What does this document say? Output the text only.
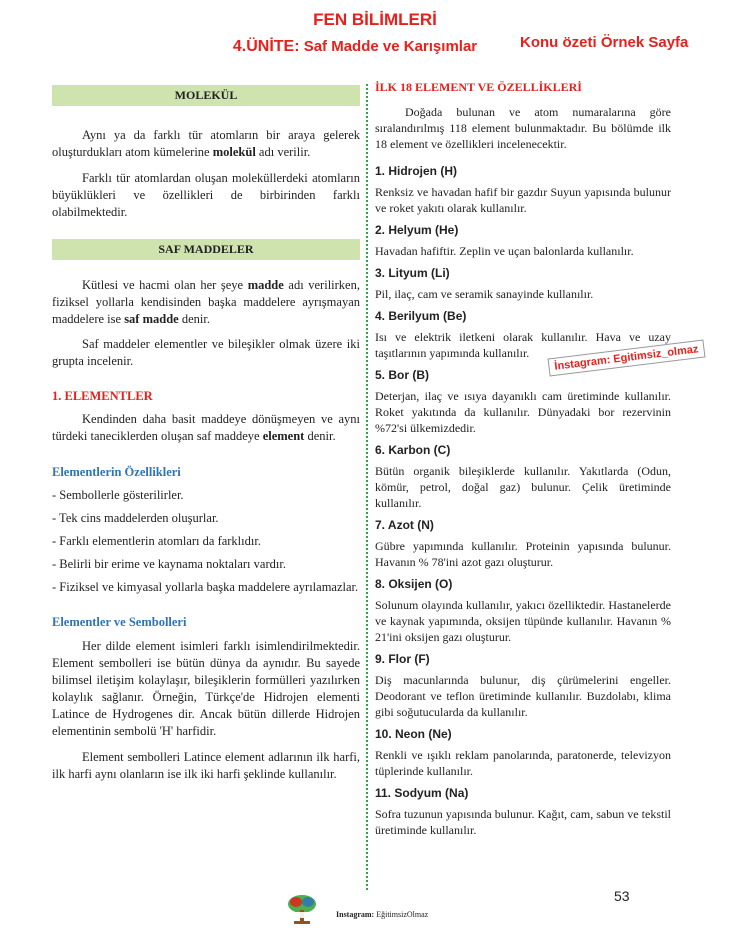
FEN BİLİMLERİ
4.ÜNİTE: Saf Madde ve Karışımlar	Konu özeti Örnek Sayfa
MOLEKÜL

Aynı ya da farklı tür atomların bir araya gelerek oluşturdukları atom kümelerine molekül adı verilir.

Farklı tür atomlardan oluşan moleküllerdeki atomların büyüklükleri ve özellikleri de birbirinden farklı olabilmektedir.

SAF MADDELER

Kütlesi ve hacmi olan her şeye madde adı verilirken, fiziksel yollarla kendisinden başka maddelere ayrışmayan maddelere ise saf madde denir.

Saf maddeler elementler ve bileşikler olmak üzere iki grupta incelenir.

1. ELEMENTLER

Kendinden daha basit maddeye dönüşmeyen ve aynı türdeki taneciklerden oluşan saf maddeye element denir.

Elementlerin Özellikleri

- Sembollerle gösterilirler.

- Tek cins maddelerden oluşurlar.

- Farklı elementlerin atomları da farklıdır.

- Belirli bir erime ve kaynama noktaları vardır.

- Fiziksel ve kimyasal yollarla başka maddelere ayrılamazlar.

Elementler ve Sembolleri

Her dilde element isimleri farklı isimlendirilmektedir. Element sembolleri ise bütün dünya da aynıdır. Bu sayede bilimsel iletişim kolaylaşır, bileşiklerin formülleri yazılırken kolaylık sağlanır. Örneğin, Türkçe'de Hidrojen elementi Latince de Hydrogenes dir. Ancak bütün dillerde Hidrojen elementinin sembolü 'H' harfidir.

Element sembolleri Latince element adlarının ilk harfi, ilk harfi aynı olanların ise ilk iki harfi şeklinde kullanılır.

İLK 18 ELEMENT VE ÖZELLİKLERİ

Doğada bulunan ve atom numaralarına göre sıralandırılmış 118 element bulunmaktadır. Bu bölümde ilk 18 element ve özellikleri incelenecektir.

1. Hidrojen (H)

Renksiz ve havadan hafif bir gazdır Suyun yapısında bulunur ve roket yakıtı olarak kullanılır.

2. Helyum (He)

Havadan hafiftir. Zeplin ve uçan balonlarda kullanılır.

3. Lityum (Li)

Pil, ilaç, cam ve seramik sanayinde kullanılır.

4. Berilyum (Be)

Isı ve elektrik iletkeni olarak kullanılır. Hava ve uzay taşıtlarının yapımında kullanılır.

5. Bor (B)

Deterjan, ilaç ve ısıya dayanıklı cam üretiminde kullanılır. Roket yakıtında da kullanılır. Dünyadaki bor rezervinin %72'si ülkemizdedir.

6. Karbon (C)

Bütün organik bileşiklerde kullanılır. Yakıtlarda (Odun, kömür, petrol, doğal gaz) bulunur. Çelik üretiminde kullanılır.

7. Azot (N)

Gübre yapımında kullanılır. Proteinin yapısında bulunur. Havanın % 78'ini azot gazı oluşturur.

8. Oksijen (O)

Solunum olayında kullanılır, yakıcı özelliktedir. Hastanelerde ve kaynak yapımında, oksijen tüpünde kullanılır. Havanın % 21'ini oksijen gazı oluşturur.

9. Flor (F)

Diş macunlarında bulunur, diş çürümelerini engeller. Deodorant ve teflon üretiminde kullanılır. Buzdolabı, klima gibi soğutucularda da kullanılır.

10. Neon (Ne)

Renkli ve ışıklı reklam panolarında, paratonerde, televizyon tüplerinde kullanılır.

11. Sodyum (Na)

Sofra tuzunun yapısında bulunur. Kağıt, cam, sabun ve tekstil üretiminde kullanılır.

İnstagram: Egitimsiz_olmaz
53
Instagram: EğitimsizOlmaz
